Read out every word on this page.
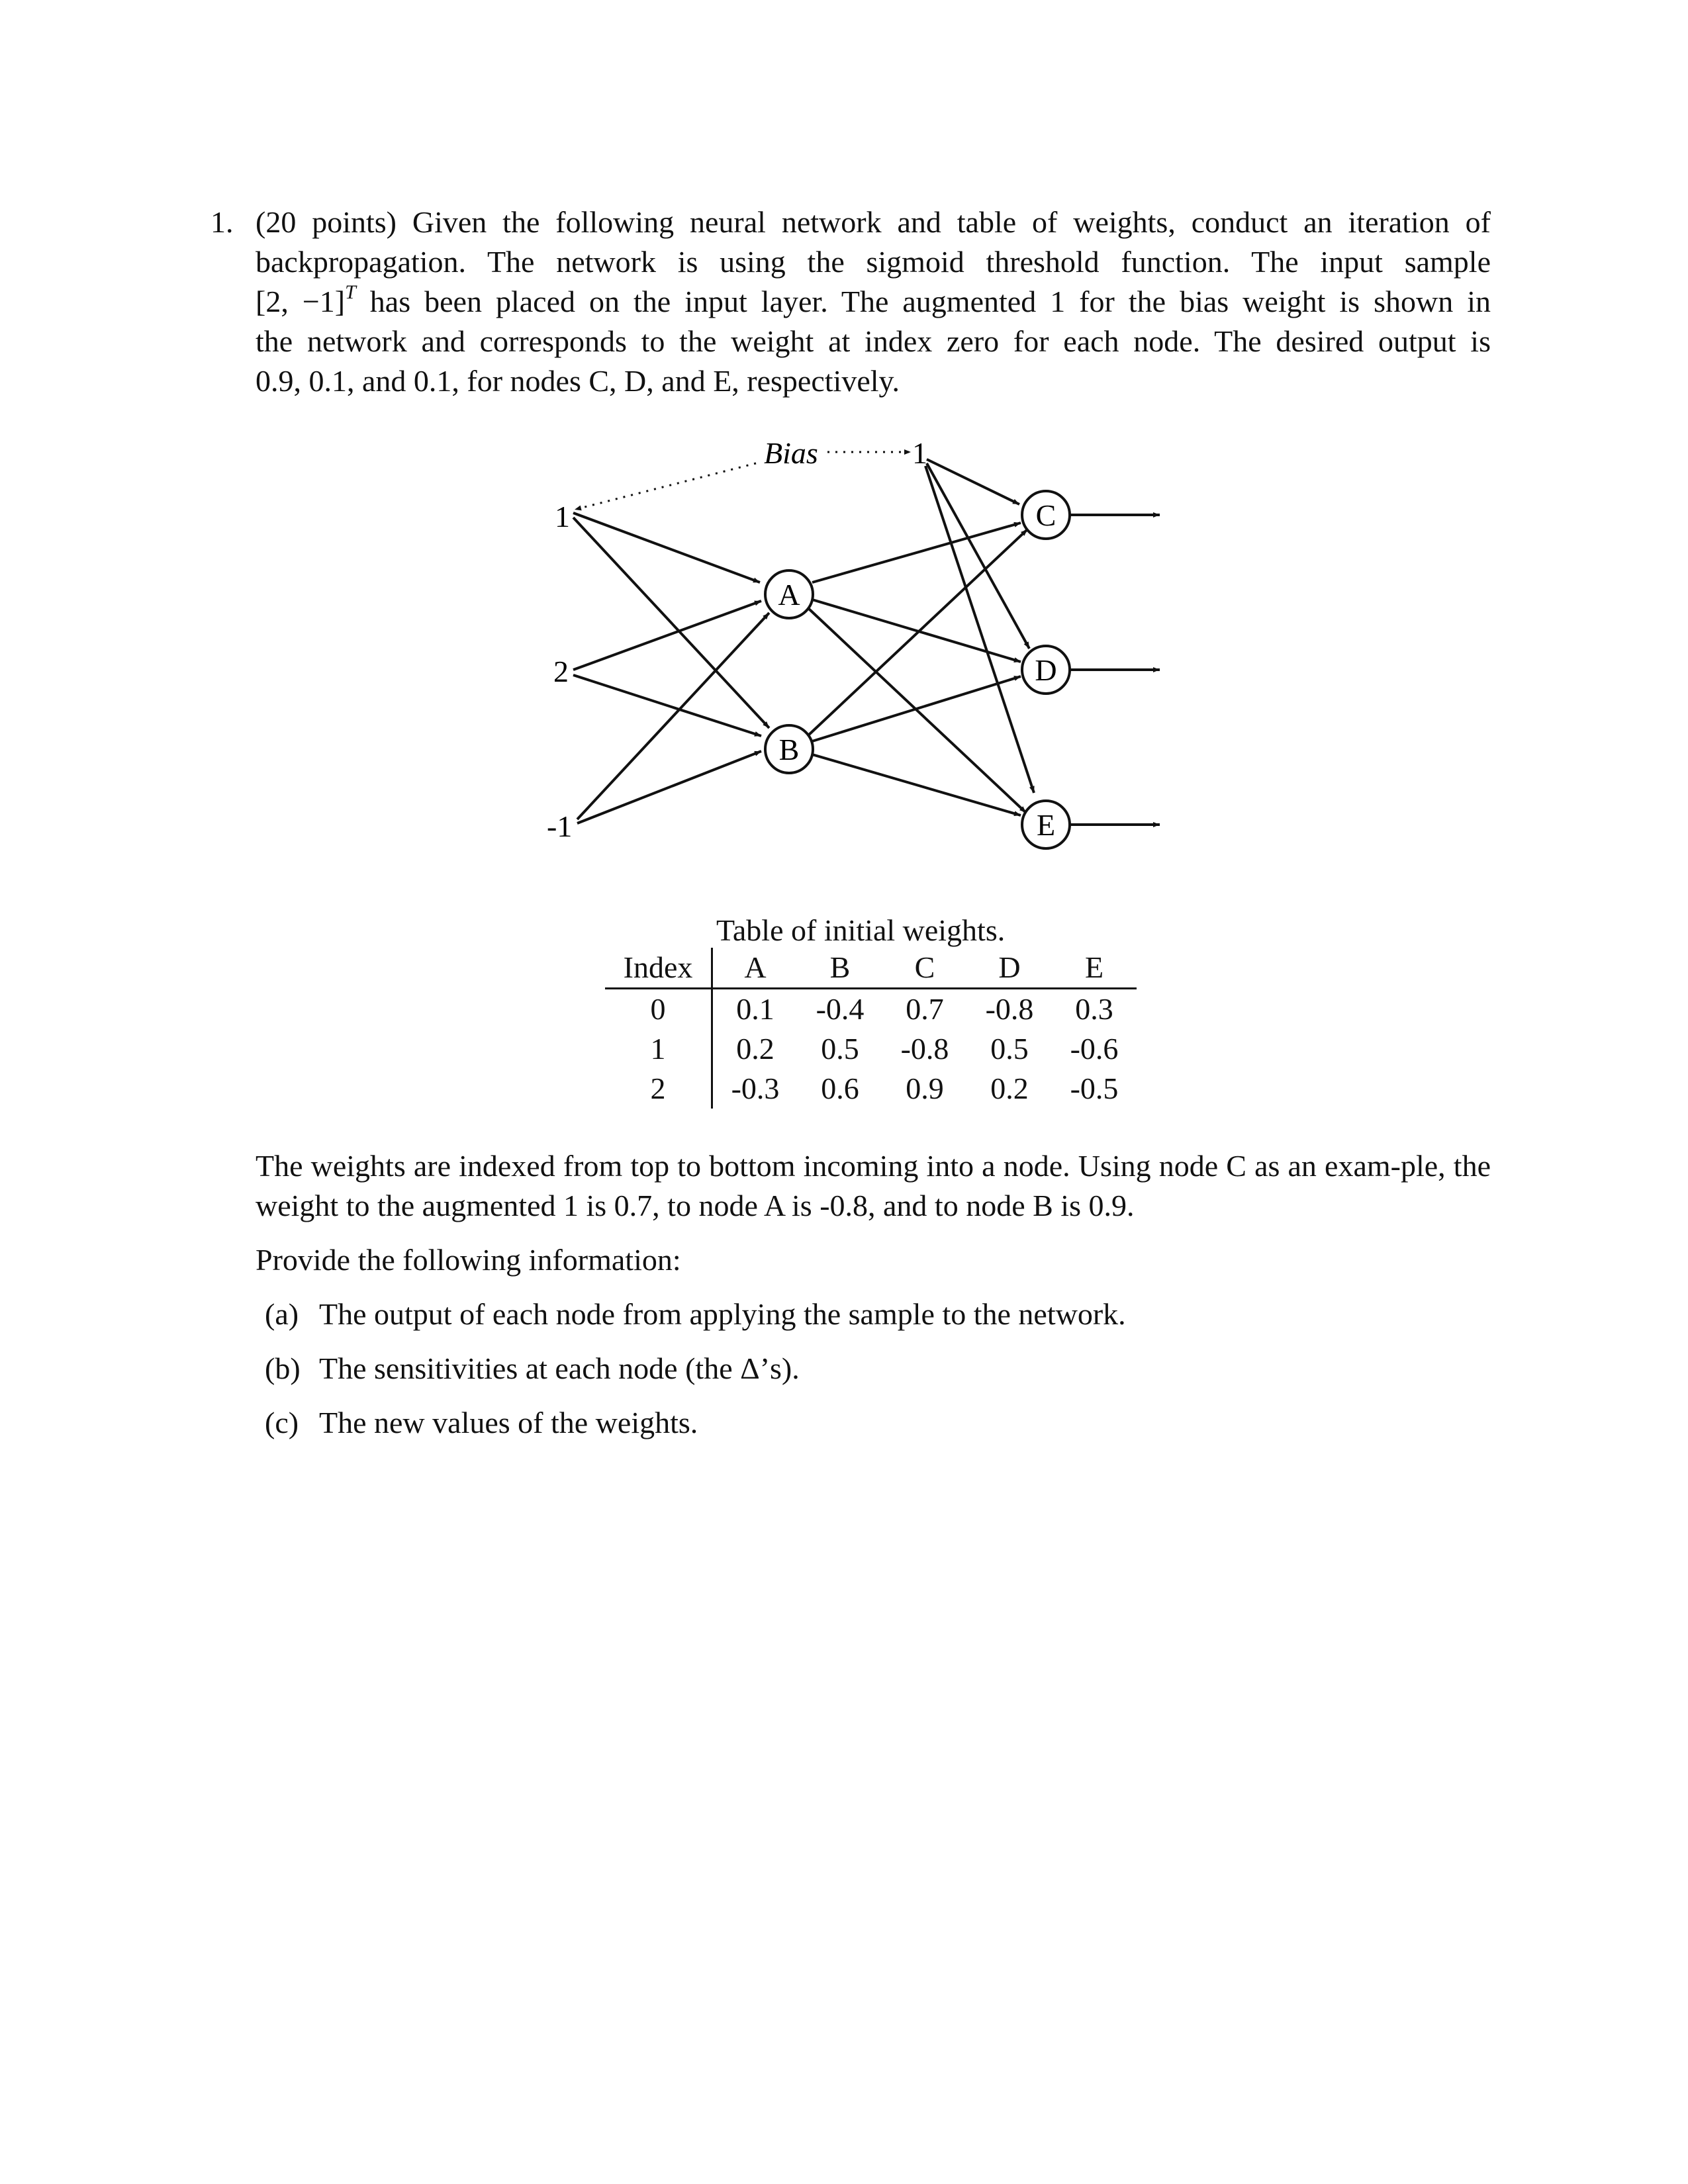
1. (20 points) Given the following neural network and table of weights, conduct an iteration of
backpropagation. The network is using the sigmoid threshold function. The input sample
[2, −1]$^T$ has been placed on the input layer. The augmented 1 for the bias weight is shown in
the network and corresponds to the weight at index zero for each node. The desired output is
0.9, 0.1, and 0.1, for nodes C, D, and E, respectively.
Bias
1
2
-1
1
A
B
C
D
E
Table of initial weights.
Index	A	B	C	D	E
0	0.1	-0.4	0.7	-0.8	0.3
1	0.2	0.5	-0.8	0.5	-0.6
2	-0.3	0.6	0.9	0.2	-0.5
The weights are indexed from top to bottom incoming into a node. Using node C as an exam-ple, the weight to the augmented 1 is 0.7, to node A is -0.8, and to node B is 0.9.
Provide the following information:
(a) The output of each node from applying the sample to the network.
(b) The sensitivities at each node (the Δ’s).
(c) The new values of the weights.
